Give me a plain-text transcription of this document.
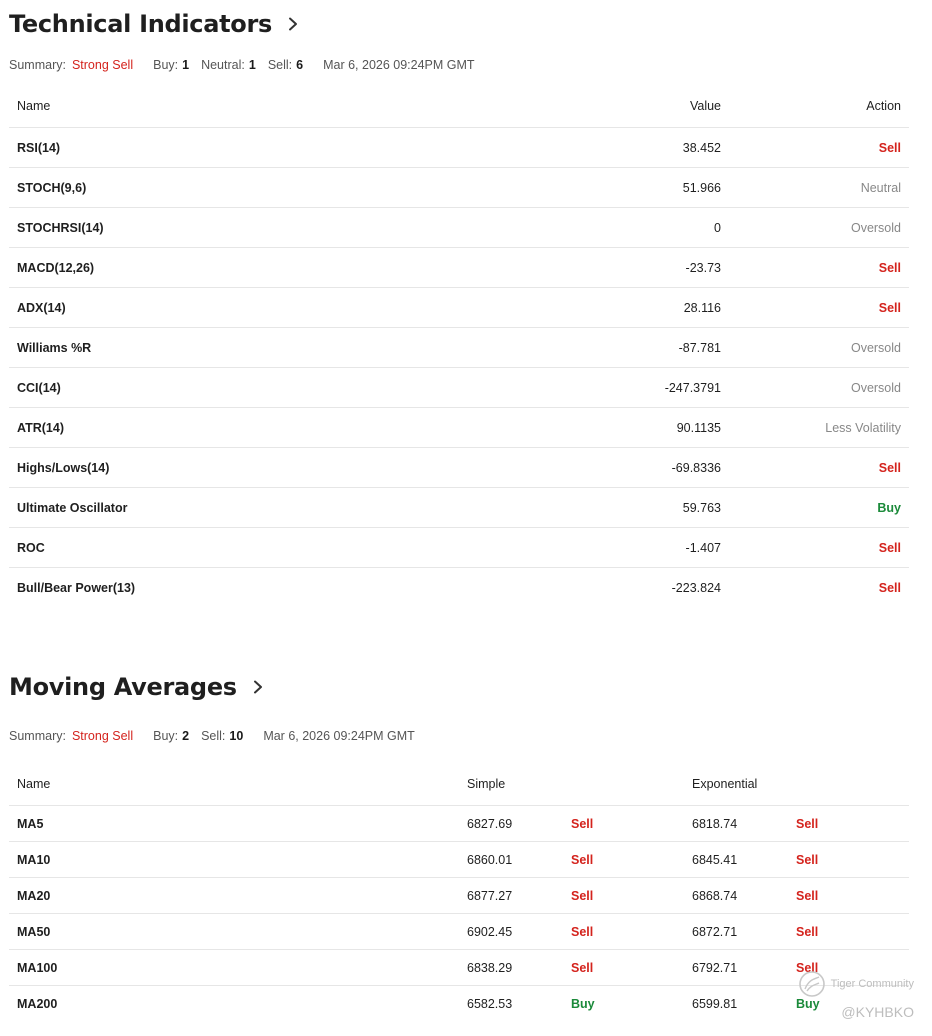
Technical Indicators
Summary: Strong Sell Buy: 1 Neutral: 1 Sell: 6 Mar 6, 2026 09:24PM GMT
Name	Value	Action
RSI(14)	38.452	Sell
STOCH(9,6)	51.966	Neutral
STOCHRSI(14)	0	Oversold
MACD(12,26)	-23.73	Sell
ADX(14)	28.116	Sell
Williams %R	-87.781	Oversold
CCI(14)	-247.3791	Oversold
ATR(14)	90.1135	Less Volatility
Highs/Lows(14)	-69.8336	Sell
Ultimate Oscillator	59.763	Buy
ROC	-1.407	Sell
Bull/Bear Power(13)	-223.824	Sell
Moving Averages
Summary: Strong Sell Buy: 2 Sell: 10 Mar 6, 2026 09:24PM GMT
Name	Simple	Exponential
MA5	6827.69	Sell	6818.74	Sell
MA10	6860.01	Sell	6845.41	Sell
MA20	6877.27	Sell	6868.74	Sell
MA50	6902.45	Sell	6872.71	Sell
MA100	6838.29	Sell	6792.71	Sell
MA200	6582.53	Buy	6599.81	Buy
Tiger Community
@KYHBKO
